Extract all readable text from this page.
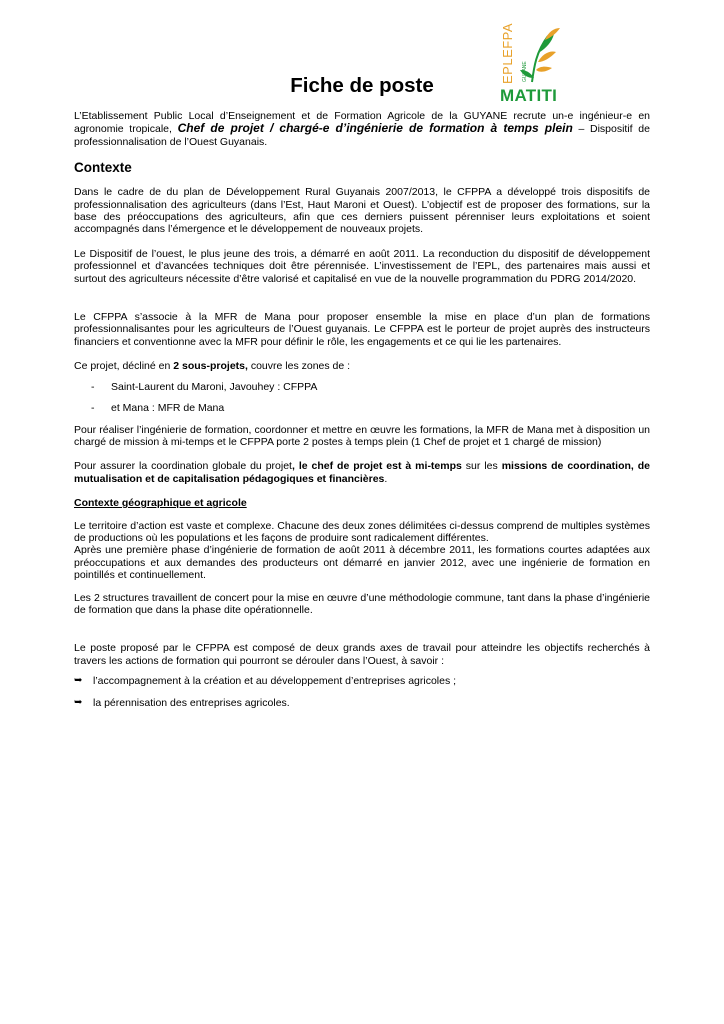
EPLEFPA GUYANE
MATITI
Fiche de poste

L’Etablissement Public Local d’Enseignement et de Formation Agricole de la GUYANE recrute un-e ingénieur-e en agronomie tropicale, Chef de projet / chargé-e d’ingénierie de formation à temps plein – Dispositif de professionnalisation de l’Ouest Guyanais.

Contexte

Dans le cadre de du plan de Développement Rural Guyanais 2007/2013, le CFPPA a développé trois dispositifs de professionnalisation des agriculteurs (dans l’Est, Haut Maroni et Ouest). L’objectif est de proposer des formations, sur la base des préoccupations des agriculteurs, afin que ces derniers puissent pérenniser leurs exploitations et soient accompagnés dans l’émergence et le développement de nouveaux projets.

Le Dispositif de l’ouest, le plus jeune des trois, a démarré en août 2011. La reconduction du dispositif de développement professionnel et d’avancées techniques doit être pérennisée. L’investissement de l’EPL, des partenaires mais aussi et surtout des agriculteurs nécessite d’être valorisé et capitalisé en vue de la nouvelle programmation du PDRG 2014/2020.

Le CFPPA s’associe à la MFR de Mana pour proposer ensemble la mise en place d’un plan de formations professionnalisantes pour les agriculteurs de l’Ouest guyanais. Le CFPPA est le porteur de projet auprès des instructeurs financiers et conventionne avec la MFR pour définir le rôle, les engagements et ce qui lie les partenaires.

Ce projet, décliné en 2 sous-projets, couvre les zones de :

- Saint-Laurent du Maroni, Javouhey : CFPPA
- et Mana : MFR de Mana

Pour réaliser l’ingénierie de formation, coordonner et mettre en œuvre les formations, la MFR de Mana met à disposition un chargé de mission à mi-temps et le CFPPA porte 2 postes à temps plein (1 Chef de projet et 1 chargé de mission)

Pour assurer la coordination globale du projet, le chef de projet est à mi-temps sur les missions de coordination, de mutualisation et de capitalisation pédagogiques et financières.

Contexte géographique et agricole

Le territoire d’action est vaste et complexe. Chacune des deux zones délimitées ci-dessus comprend de multiples systèmes de productions où les populations et les façons de produire sont radicalement différentes.

Après une première phase d’ingénierie de formation de août 2011 à décembre 2011, les formations courtes adaptées aux préoccupations et aux demandes des producteurs ont démarré en janvier 2012, avec une ingénierie de formation en pointillés et continuellement.

Les 2 structures travaillent de concert pour la mise en œuvre d’une méthodologie commune, tant dans la phase d’ingénierie de formation que dans la phase dite opérationnelle.

Le poste proposé par le CFPPA est composé de deux grands axes de travail pour atteindre les objectifs recherchés à travers les actions de formation qui pourront se dérouler dans l’Ouest, à savoir :

➥ l’accompagnement à la création et au développement d’entreprises agricoles ;
➥ la pérennisation des entreprises agricoles.
